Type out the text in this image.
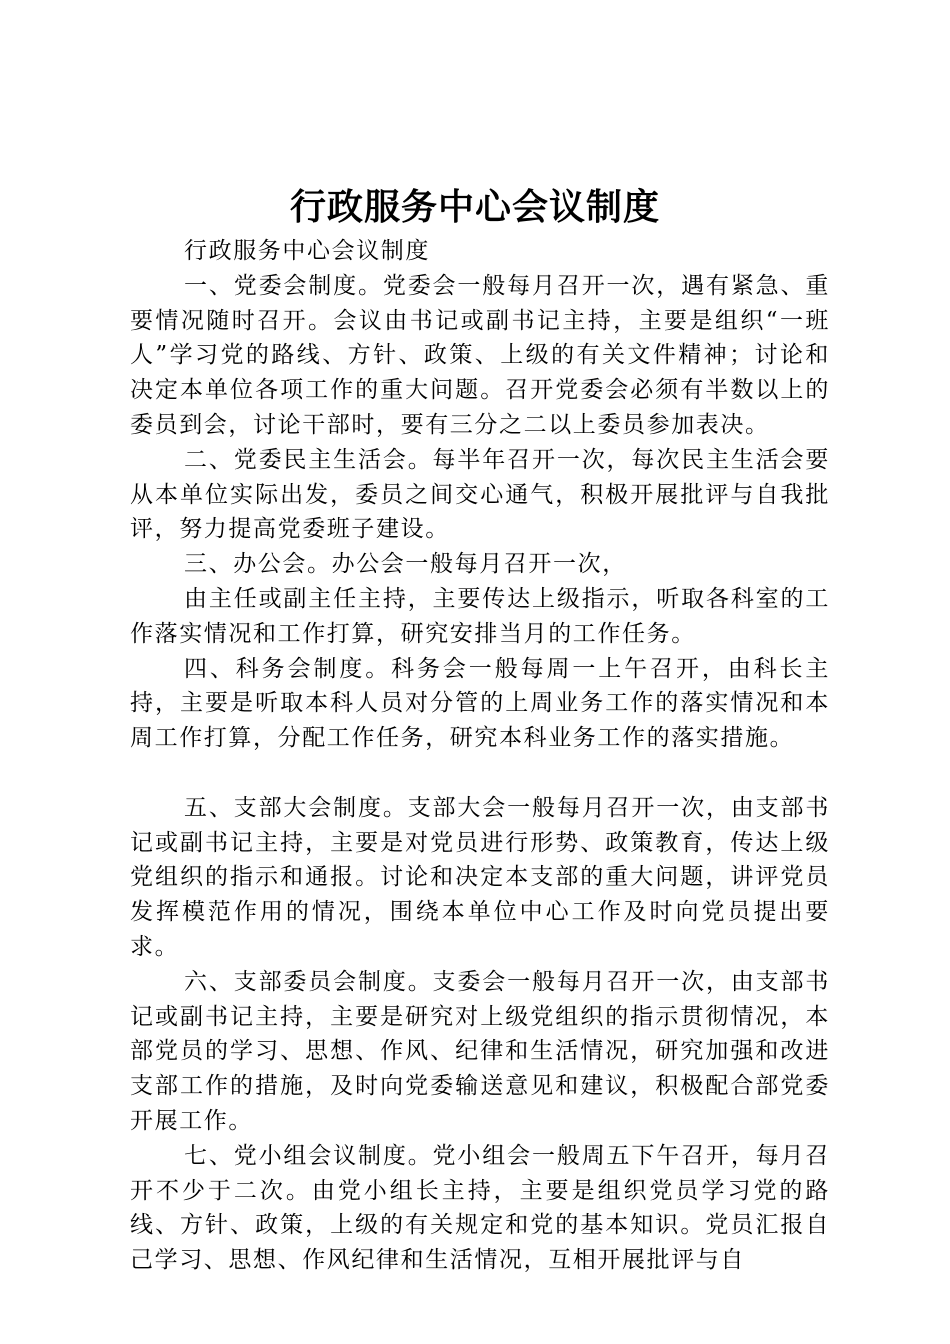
行政服务中心会议制度

行政服务中心会议制度

一、党委会制度。党委会一般每月召开一次，遇有紧急、重要情况随时召开。会议由书记或副书记主持，主要是组织“一班人”学习党的路线、方针、政策、上级的有关文件精神；讨论和决定本单位各项工作的重大问题。召开党委会必须有半数以上的委员到会，讨论干部时，要有三分之二以上委员参加表决。

二、党委民主生活会。每半年召开一次，每次民主生活会要从本单位实际出发，委员之间交心通气，积极开展批评与自我批评，努力提高党委班子建设。

三、办公会。办公会一般每月召开一次，

由主任或副主任主持，主要传达上级指示，听取各科室的工作落实情况和工作打算，研究安排当月的工作任务。

四、科务会制度。科务会一般每周一上午召开，由科长主持，主要是听取本科人员对分管的上周业务工作的落实情况和本周工作打算，分配工作任务，研究本科业务工作的落实措施。

五、支部大会制度。支部大会一般每月召开一次，由支部书记或副书记主持，主要是对党员进行形势、政策教育，传达上级党组织的指示和通报。讨论和决定本支部的重大问题，讲评党员发挥模范作用的情况，围绕本单位中心工作及时向党员提出要求。

六、支部委员会制度。支委会一般每月召开一次，由支部书记或副书记主持，主要是研究对上级党组织的指示贯彻情况，本部党员的学习、思想、作风、纪律和生活情况，研究加强和改进支部工作的措施，及时向党委输送意见和建议，积极配合部党委开展工作。

七、党小组会议制度。党小组会一般周五下午召开，每月召开不少于二次。由党小组长主持，主要是组织党员学习党的路线、方针、政策，上级的有关规定和党的基本知识。党员汇报自己学习、思想、作风纪律和生活情况，互相开展批评与自
